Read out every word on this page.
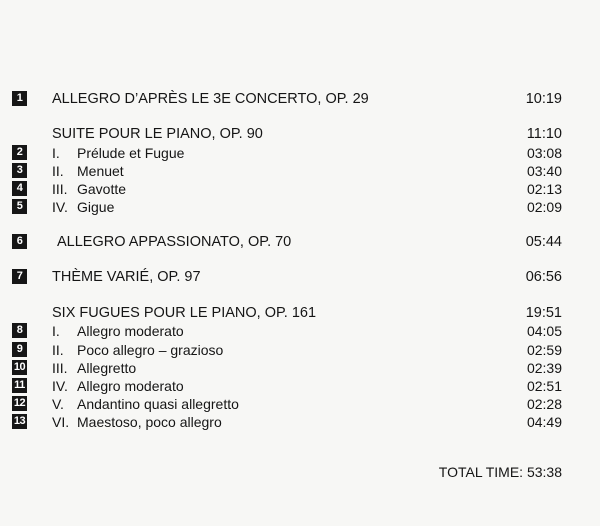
1	ALLEGRO D’APRÈS LE 3E CONCERTO, OP. 29	10:19
SUITE POUR LE PIANO, OP. 90	11:10
2	I. Prélude et Fugue	03:08
3	II. Menuet	03:40
4	III. Gavotte	02:13
5	IV. Gigue	02:09
6	ALLEGRO APPASSIONATO, OP. 70	05:44
7	THÈME VARIÉ, OP. 97	06:56
SIX FUGUES POUR LE PIANO, OP. 161	19:51
8	I. Allegro moderato	04:05
9	II. Poco allegro – grazioso	02:59
10 III. Allegretto	02:39
11 IV. Allegro moderato	02:51
12 V. Andantino quasi allegretto	02:28
13 VI. Maestoso, poco allegro	04:49
TOTAL TIME: 53:38
